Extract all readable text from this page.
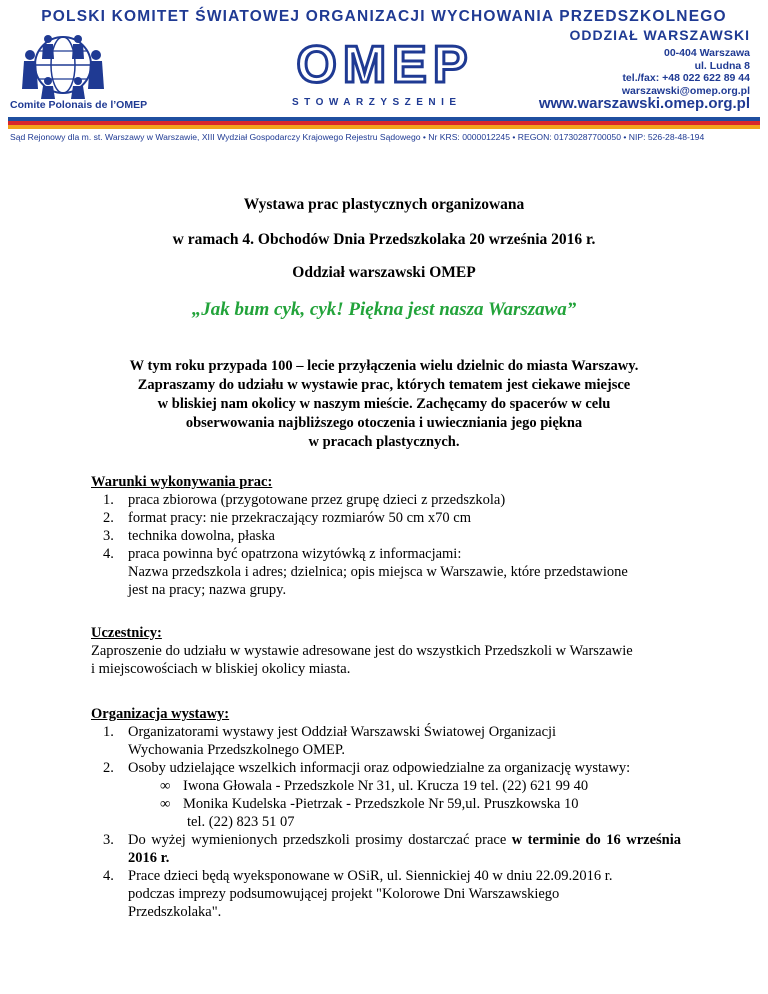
POLSKI KOMITET ŚWIATOWEJ ORGANIZACJI WYCHOWANIA PRZEDSZKOLNEGO
ODDZIAŁ WARSZAWSKI
Comite Polonais de l’OMEP
OMEP
STOWARZYSZENIE
00-404 Warszawa
ul. Ludna 8
tel./fax: +48 022 622 89 44
warszawski@omep.org.pl
www.warszawski.omep.org.pl
Sąd Rejonowy dla m. st. Warszawy w Warszawie, XIII Wydział Gospodarczy Krajowego Rejestru Sądowego • Nr KRS: 0000012245 • REGON: 01730287700050 • NIP: 526-28-48-194
Wystawa prac plastycznych organizowana
w ramach 4. Obchodów Dnia Przedszkolaka 20 września 2016 r.
Oddział warszawski OMEP
„Jak bum cyk, cyk! Piękna jest nasza Warszawa”
W tym roku przypada 100 – lecie przyłączenia wielu dzielnic do miasta Warszawy.
Zapraszamy do udziału w wystawie prac, których tematem jest ciekawe miejsce
w bliskiej nam okolicy w naszym mieście. Zachęcamy do spacerów w celu
obserwowania najbliższego otoczenia i uwieczniania jego piękna
w pracach plastycznych.
Warunki wykonywania prac:
1. praca zbiorowa (przygotowane przez grupę dzieci z przedszkola)
2. format pracy: nie przekraczający rozmiarów 50 cm x70 cm
3. technika dowolna, płaska
4. praca powinna być opatrzona wizytówką z informacjami:
Nazwa przedszkola i adres; dzielnica; opis miejsca w Warszawie, które przedstawione
jest na pracy; nazwa grupy.
Uczestnicy:
Zaproszenie do udziału w wystawie adresowane jest do wszystkich Przedszkoli w Warszawie
i miejscowościach w bliskiej okolicy miasta.
Organizacja wystawy:
1. Organizatorami wystawy jest Oddział Warszawski Światowej Organizacji
Wychowania Przedszkolnego OMEP.
2. Osoby udzielające wszelkich informacji oraz odpowiedzialne za organizację wystawy:
∞ Iwona Głowala - Przedszkole Nr 31, ul. Krucza 19 tel. (22) 621 99 40
∞ Monika Kudelska -Pietrzak - Przedszkole Nr 59,ul. Pruszkowska 10
tel. (22) 823 51 07
3. Do wyżej wymienionych przedszkoli prosimy dostarczać prace w terminie do 16 września 2016 r.
4. Prace dzieci będą wyeksponowane w OSiR, ul. Siennickiej 40 w dniu 22.09.2016 r.
podczas imprezy podsumowującej projekt "Kolorowe Dni Warszawskiego
Przedszkolaka".
